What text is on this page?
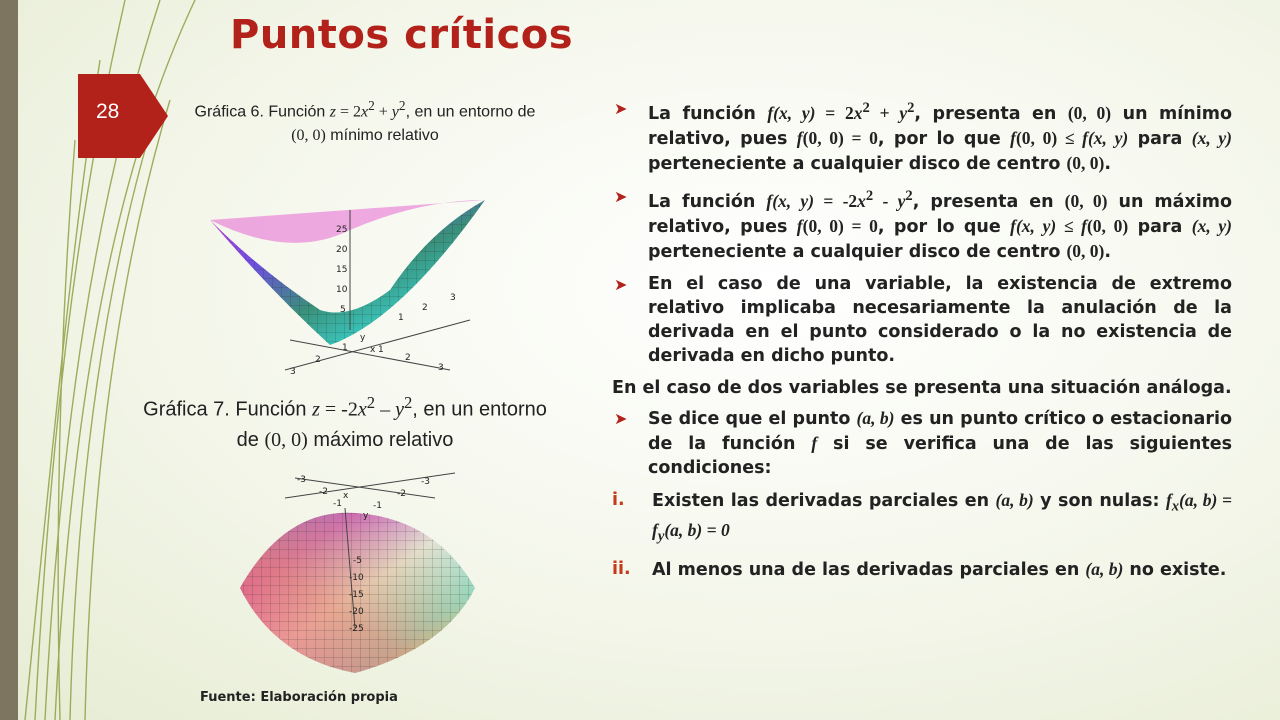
Puntos críticos
28	Gráfica 6. Función $z = 2x^2 + y^2$, en un entorno de (0, 0) mínimo relativo
25
20
15
10
5
3
2
1	1
2
3
3
2
1
y
x
Gráfica 7. Función $z = -2x^2 - y^2$, en un entorno de (0, 0) máximo relativo
-5
-10
-15
-20
-25
-3
-2
-1	-1
-2
-3
x
y
Fuente: Elaboración propia
➤ La función f(x, $y) = 2x^2 + y^2$, presenta en (0, 0) un mínimo relativo, pues f(0, 0) = 0, por lo que f(0, 0) ≤ f(x, y) para (x, y) perteneciente a cualquier disco de centro (0, 0).
➤ La función f(x, $y) = -2x^2 - y^2$, presenta en (0, 0) un máximo relativo, pues f(0, 0) = 0, por lo que f(x, y) ≤ f(0, 0) para (x, y) perteneciente a cualquier disco de centro (0, 0).
➤ En el caso de una variable, la existencia de extremo relativo implicaba necesariamente la anulación de la derivada en el punto considerado o la no existencia de derivada en dicho punto.
En el caso de dos variables se presenta una situación análoga.
➤ Se dice que el punto (a, b) es un punto crítico o estacionario de la función f si se verifica una de las siguientes condiciones:
i. Existen las derivadas parciales en (a, b) y son nulas: $f_x(a$, $b) = f_y(a$, b) = 0
ii. Al menos una de las derivadas parciales en (a, b) no existe.
